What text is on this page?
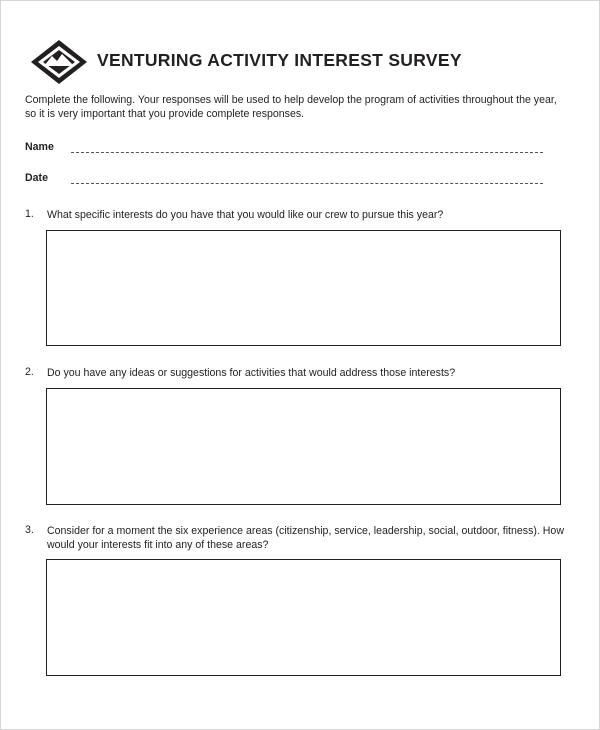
VENTURING ACTIVITY INTEREST SURVEY
Complete the following. Your responses will be used to help develop the program of activities throughout the year, so it is very important that you provide complete responses.
Name
Date
1. What specific interests do you have that you would like our crew to pursue this year?
2. Do you have any ideas or suggestions for activities that would address those interests?
3. Consider for a moment the six experience areas (citizenship, service, leadership, social, outdoor, fitness). How would your interests fit into any of these areas?
